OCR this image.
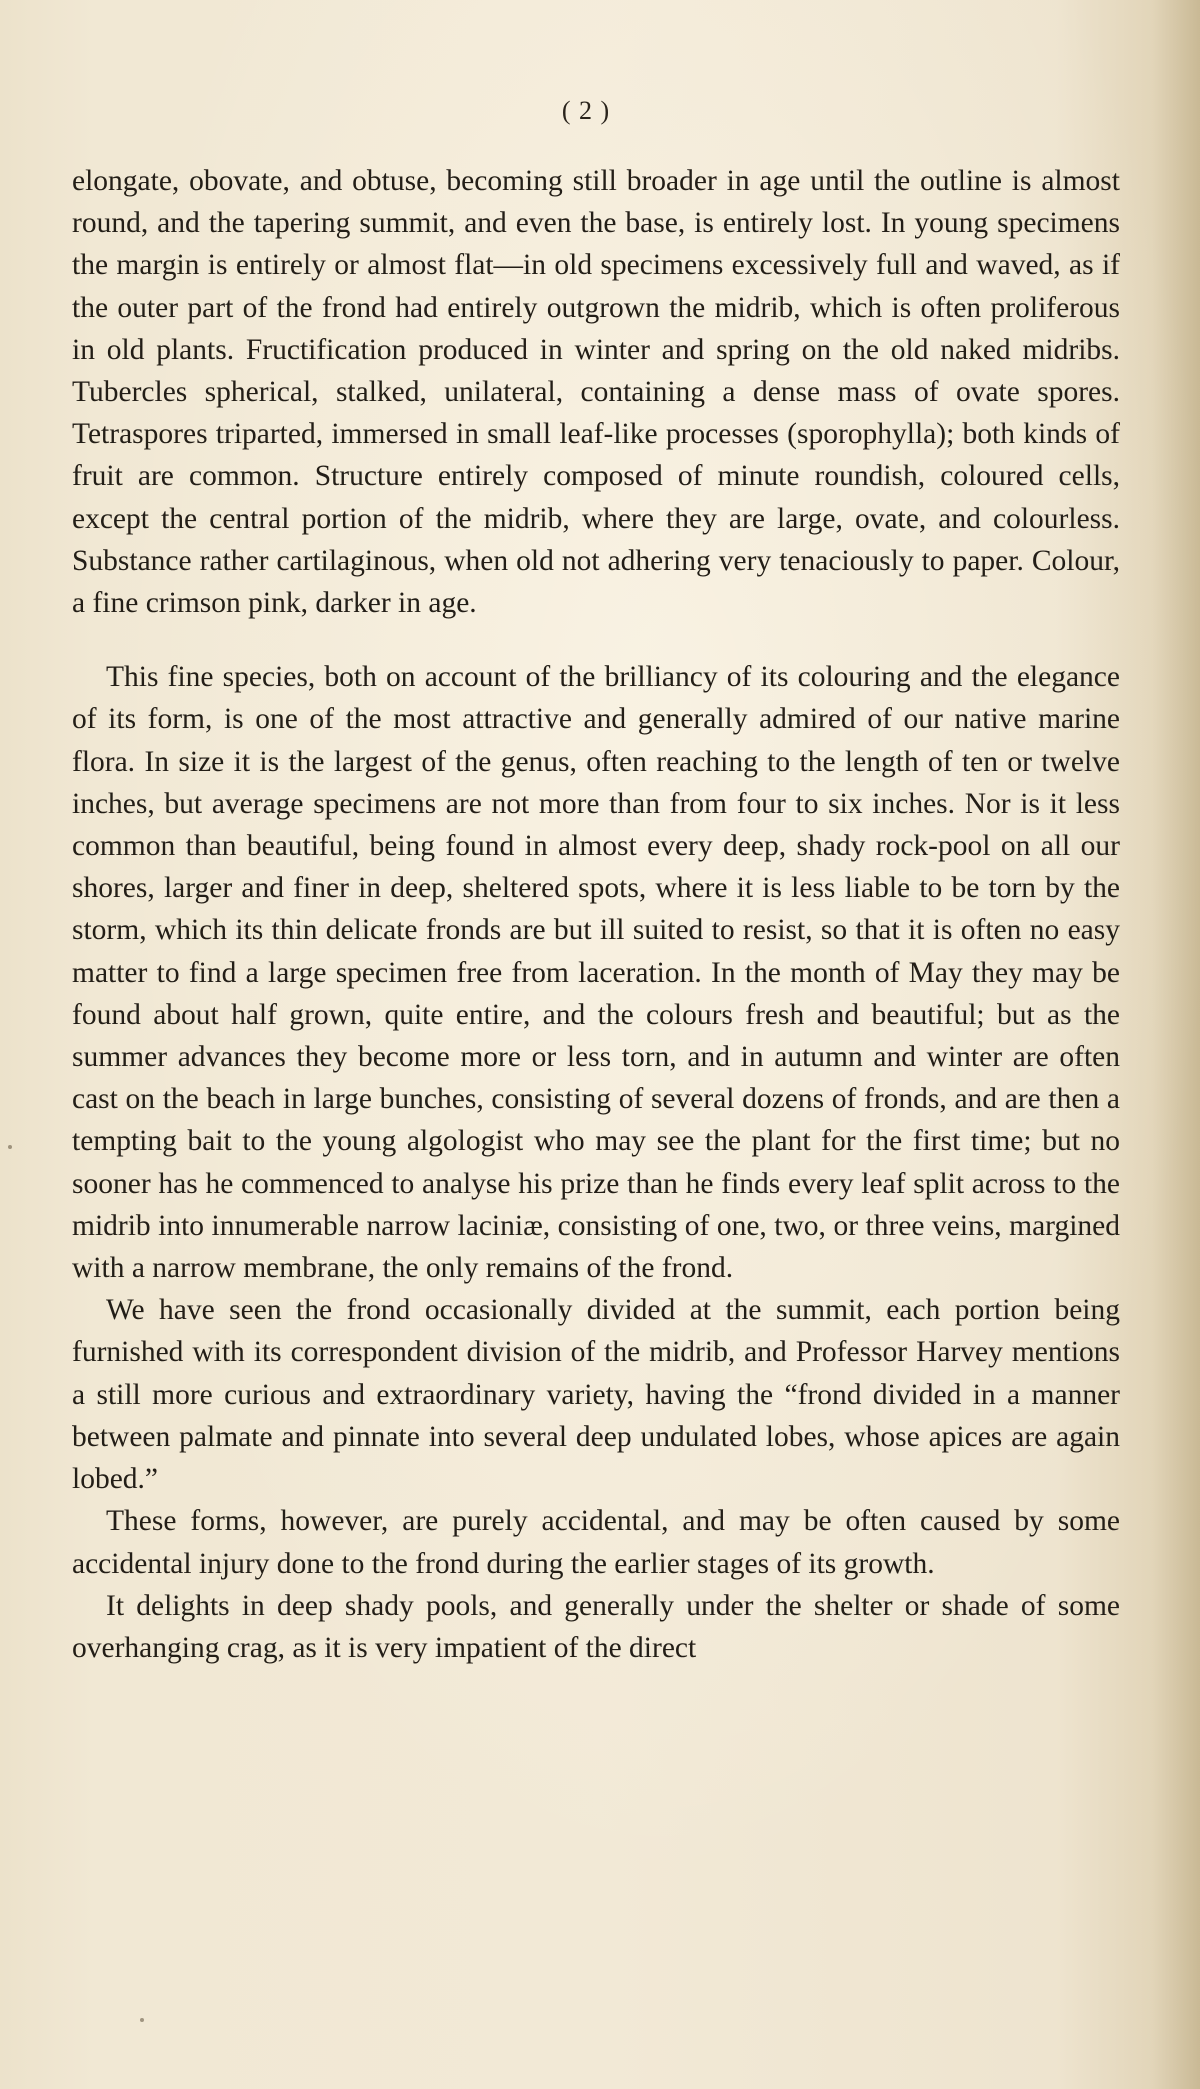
( 2 )

elongate, obovate, and obtuse, becoming still broader in age until the outline is almost round, and the tapering summit, and even the base, is entirely lost. In young specimens the margin is entirely or almost flat—in old specimens excessively full and waved, as if the outer part of the frond had entirely outgrown the midrib, which is often proliferous in old plants. Fructification produced in winter and spring on the old naked midribs. Tubercles spherical, stalked, unilateral, containing a dense mass of ovate spores. Tetraspores triparted, immersed in small leaf-like processes (sporophylla); both kinds of fruit are common. Structure entirely composed of minute roundish, coloured cells, except the central portion of the midrib, where they are large, ovate, and colourless. Substance rather cartilaginous, when old not adhering very tenaciously to paper. Colour, a fine crimson pink, darker in age.

This fine species, both on account of the brilliancy of its colouring and the elegance of its form, is one of the most attractive and generally admired of our native marine flora. In size it is the largest of the genus, often reaching to the length of ten or twelve inches, but average specimens are not more than from four to six inches. Nor is it less common than beautiful, being found in almost every deep, shady rock-pool on all our shores, larger and finer in deep, sheltered spots, where it is less liable to be torn by the storm, which its thin delicate fronds are but ill suited to resist, so that it is often no easy matter to find a large specimen free from laceration. In the month of May they may be found about half grown, quite entire, and the colours fresh and beautiful; but as the summer advances they become more or less torn, and in autumn and winter are often cast on the beach in large bunches, consisting of several dozens of fronds, and are then a tempting bait to the young algologist who may see the plant for the first time; but no sooner has he commenced to analyse his prize than he finds every leaf split across to the midrib into innumerable narrow laciniæ, consisting of one, two, or three veins, margined with a narrow membrane, the only remains of the frond.

We have seen the frond occasionally divided at the summit, each portion being furnished with its correspondent division of the midrib, and Professor Harvey mentions a still more curious and extraordinary variety, having the “frond divided in a manner between palmate and pinnate into several deep undulated lobes, whose apices are again lobed.”

These forms, however, are purely accidental, and may be often caused by some accidental injury done to the frond during the earlier stages of its growth.

It delights in deep shady pools, and generally under the shelter or shade of some overhanging crag, as it is very impatient of the direct
